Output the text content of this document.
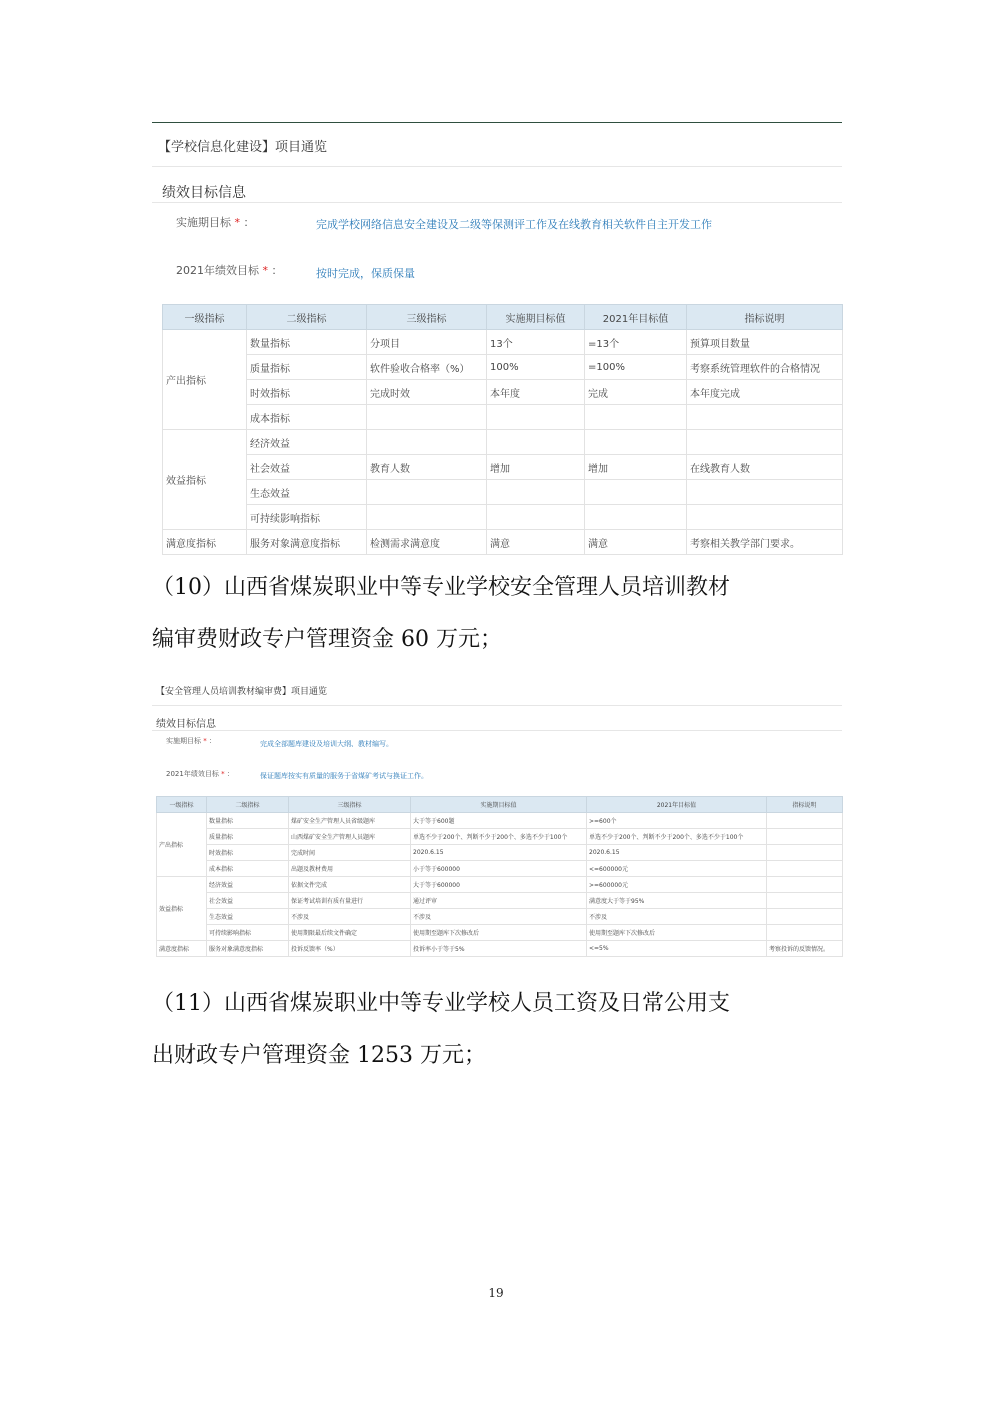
【学校信息化建设】项目通览
绩效目标信息
实施期目标 * ：	完成学校网络信息安全建设及二级等保测评工作及在线教育相关软件自主开发工作
2021年绩效目标 * ：	按时完成，保质保量
一级指标	二级指标	三级指标	实施期目标值	2021年目标值	指标说明
产出指标	数量指标	分项目	13个	=13个	预算项目数量
	质量指标	软件验收合格率（%）	100%	=100%	考察系统管理软件的合格情况
	时效指标	完成时效	本年度	完成	本年度完成
	成本指标				
效益指标	经济效益				
	社会效益	教育人数	增加	增加	在线教育人数
	生态效益				
	可持续影响指标				
满意度指标	服务对象满意度指标	检测需求满意度	满意	满意	考察相关教学部门要求。
（10）山西省煤炭职业中等专业学校安全管理人员培训教材
编审费财政专户管理资金 60 万元；
【安全管理人员培训教材编审费】项目通览
绩效目标信息
实施期目标 * ：	完成全部题库建设及培训大纲、教材编写。
2021年绩效目标 * ：	保证题库按实有质量的服务于省煤矿考试与换证工作。
一级指标	二级指标	三级指标	实施期目标值	2021年目标值	指标说明
产出指标	数量指标	煤矿安全生产管理人员省级题库	大于等于600题	>=600个	
	质量指标	山西煤矿安全生产管理人员题库	单选不少于200个、判断不少于200个、多选不少于100个	单选不少于200个、判断不少于200个、多选不少于100个	
	时效指标	完成时间	2020.6.15	2020.6.15	
	成本指标	出题及教材费用	小于等于600000	<=600000元	
效益指标	经济效益	依据文件完成	大于等于600000	>=600000元	
	社会效益	保证考试培训有质有量进行	通过评审	满意度大于等于95%	
	生态效益	不涉及	不涉及	不涉及	
	可持续影响指标	使用期限最后续文件确定	使用期至题库下次修改后	使用期至题库下次修改后	
满意度指标	服务对象满意度指标	投诉反馈率（%）	投诉率小于等于5%	<=5%	考察投诉的反馈情况。
（11）山西省煤炭职业中等专业学校人员工资及日常公用支
出财政专户管理资金 1253 万元；
19
